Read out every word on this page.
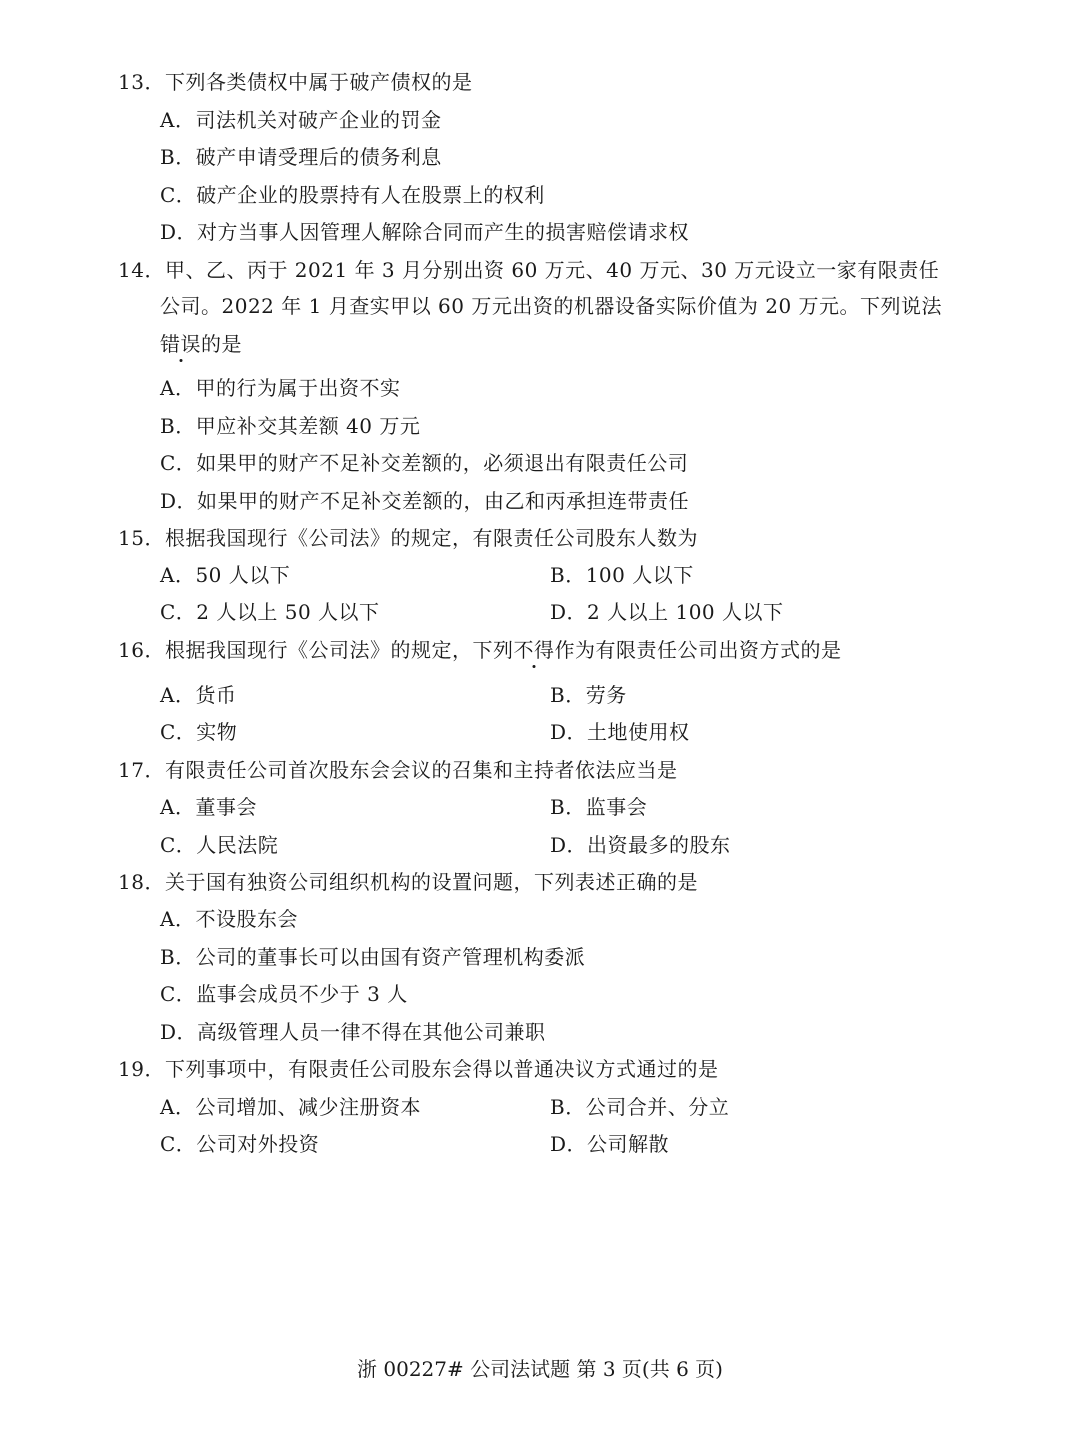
13．下列各类债权中属于破产债权的是
A．司法机关对破产企业的罚金
B．破产申请受理后的债务利息
C．破产企业的股票持有人在股票上的权利
D．对方当事人因管理人解除合同而产生的损害赔偿请求权
14．甲、乙、丙于 2021 年 3 月分别出资 60 万元、40 万元、30 万元设立一家有限责任
公司。2022 年 1 月查实甲以 60 万元出资的机器设备实际价值为 20 万元。下列说法
错误的是
A．甲的行为属于出资不实
B．甲应补交其差额 40 万元
C．如果甲的财产不足补交差额的，必须退出有限责任公司
D．如果甲的财产不足补交差额的，由乙和丙承担连带责任
15．根据我国现行《公司法》的规定，有限责任公司股东人数为
A．50 人以下	B．100 人以下
C．2 人以上 50 人以下	D．2 人以上 100 人以下
16．根据我国现行《公司法》的规定，下列不得作为有限责任公司出资方式的是
A．货币	B．劳务
C．实物	D．土地使用权
17．有限责任公司首次股东会会议的召集和主持者依法应当是
A．董事会	B．监事会
C．人民法院	D．出资最多的股东
18．关于国有独资公司组织机构的设置问题，下列表述正确的是
A．不设股东会
B．公司的董事长可以由国有资产管理机构委派
C．监事会成员不少于 3 人
D．高级管理人员一律不得在其他公司兼职
19．下列事项中，有限责任公司股东会得以普通决议方式通过的是
A．公司增加、减少注册资本	B．公司合并、分立
C．公司对外投资	D．公司解散
浙 00227# 公司法试题 第 3 页(共 6 页)
